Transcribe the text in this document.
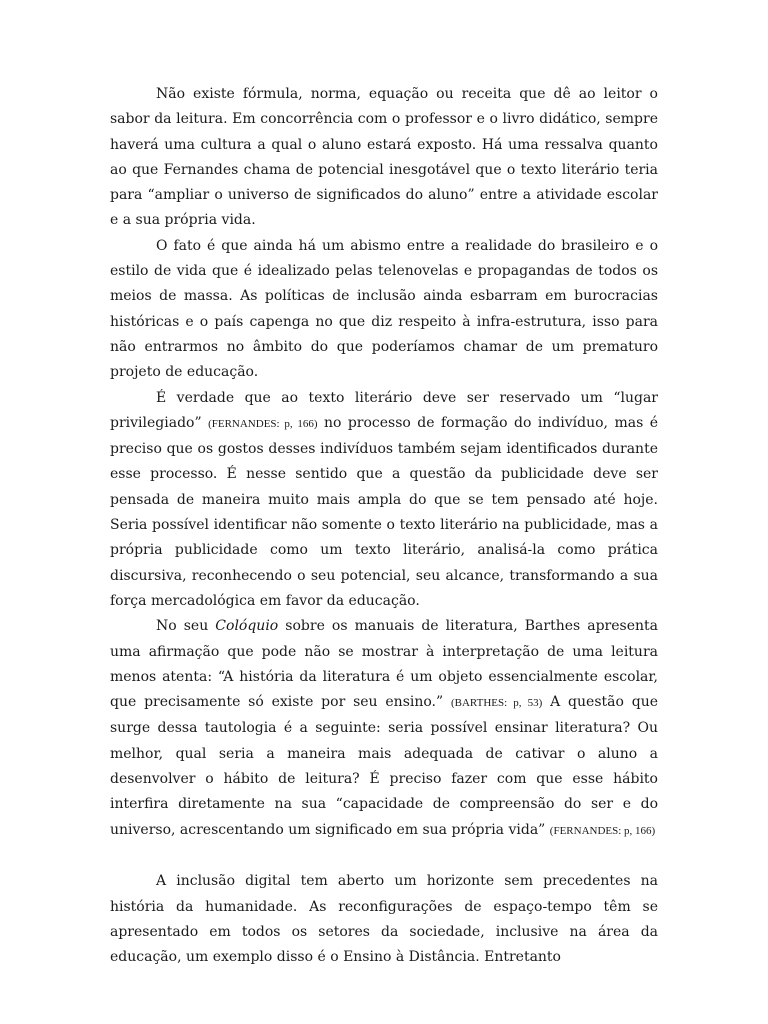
Não existe fórmula, norma, equação ou receita que dê ao leitor o sabor da leitura. Em concorrência com o professor e o livro didático, sempre haverá uma cultura a qual o aluno estará exposto. Há uma ressalva quanto ao que Fernandes chama de potencial inesgotável que o texto literário teria para “ampliar o universo de significados do aluno” entre a atividade escolar e a sua própria vida.

O fato é que ainda há um abismo entre a realidade do brasileiro e o estilo de vida que é idealizado pelas telenovelas e propagandas de todos os meios de massa. As políticas de inclusão ainda esbarram em burocracias históricas e o país capenga no que diz respeito à infra-estrutura, isso para não entrarmos no âmbito do que poderíamos chamar de um prematuro projeto de educação.

É verdade que ao texto literário deve ser reservado um “lugar privilegiado” (FERNANDES: p, 166) no processo de formação do indivíduo, mas é preciso que os gostos desses indivíduos também sejam identificados durante esse processo. É nesse sentido que a questão da publicidade deve ser pensada de maneira muito mais ampla do que se tem pensado até hoje. Seria possível identificar não somente o texto literário na publicidade, mas a própria publicidade como um texto literário, analisá-la como prática discursiva, reconhecendo o seu potencial, seu alcance, transformando a sua força mercadológica em favor da educação.

No seu Colóquio sobre os manuais de literatura, Barthes apresenta uma afirmação que pode não se mostrar à interpretação de uma leitura menos atenta: “A história da literatura é um objeto essencialmente escolar, que precisamente só existe por seu ensino.” (BARTHES: p, 53) A questão que surge dessa tautologia é a seguinte: seria possível ensinar literatura? Ou melhor, qual seria a maneira mais adequada de cativar o aluno a desenvolver o hábito de leitura? É preciso fazer com que esse hábito interfira diretamente na sua “capacidade de compreensão do ser e do universo, acrescentando um significado em sua própria vida” (FERNANDES: p, 166)

A inclusão digital tem aberto um horizonte sem precedentes na história da humanidade. As reconfigurações de espaço-tempo têm se apresentado em todos os setores da sociedade, inclusive na área da educação, um exemplo disso é o Ensino à Distância. Entretanto
